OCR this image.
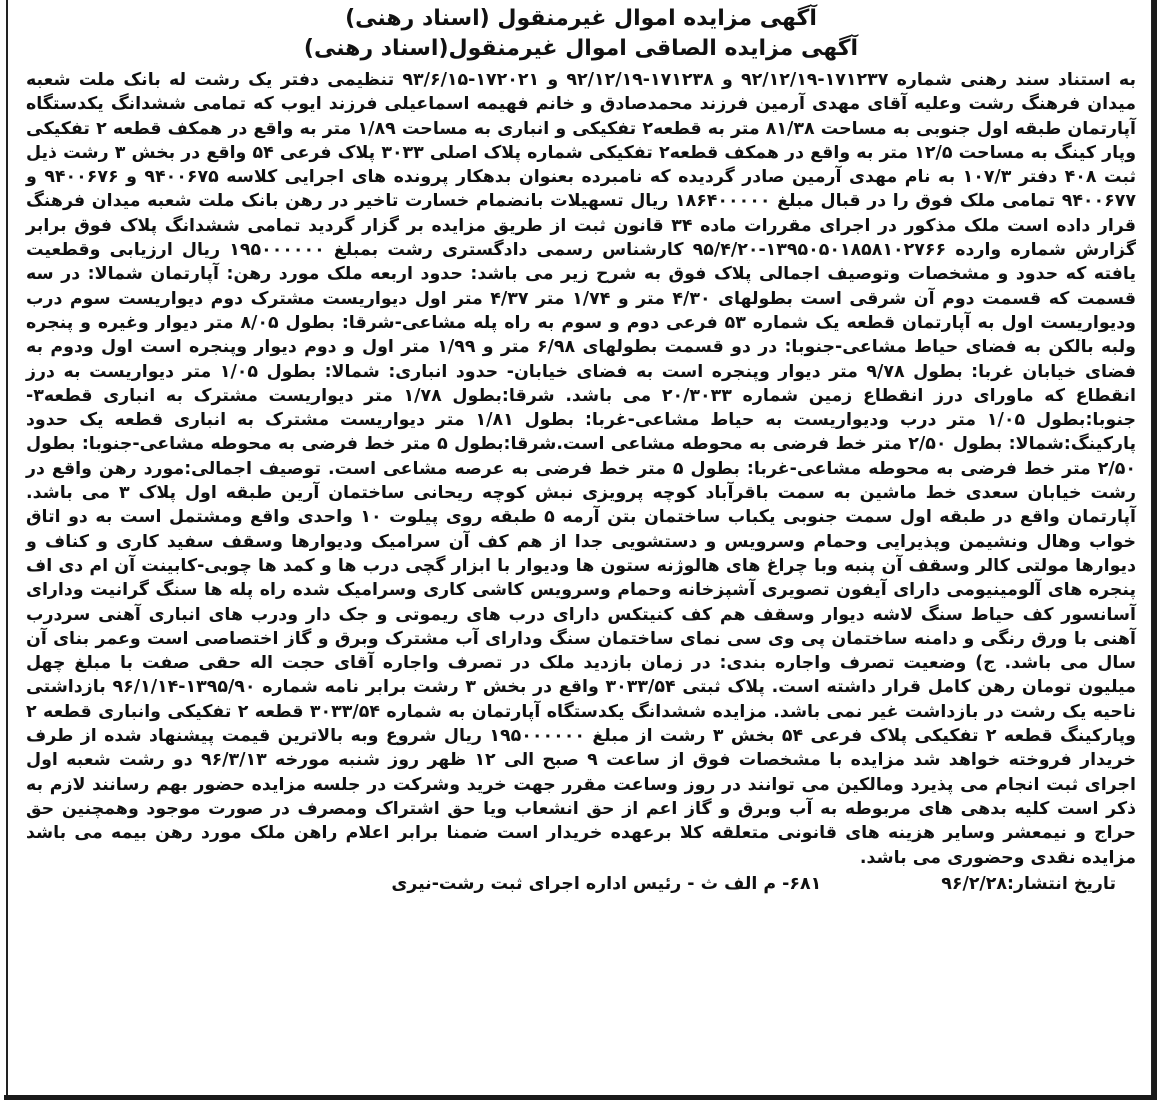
آگهی مزایده اموال غیرمنقول (اسناد رهنی)
آگهی مزایده الصاقی اموال غیرمنقول(اسناد رهنی)

به استناد سند رهنی شماره ۱۷۱۲۳۷-۹۲/۱۲/۱۹ و ۱۷۱۲۳۸-۹۲/۱۲/۱۹ و ۱۷۲۰۲۱-۹۳/۶/۱۵ تنظیمی دفتر یک رشت له بانک ملت شعبه میدان فرهنگ رشت وعلیه آقای مهدی آرمین فرزند محمدصادق و خانم فهیمه اسماعیلی فرزند ایوب که تمامی ششدانگ یکدستگاه آپارتمان طبقه اول جنوبی به مساحت ۸۱/۳۸ متر به قطعه۲ تفکیکی و انباری به مساحت ۱/۸۹ متر به واقع در همکف قطعه ۲ تفکیکی وپار کینگ به مساحت ۱۲/۵ متر به واقع در همکف قطعه۲ تفکیکی شماره پلاک اصلی ۳۰۳۳ پلاک فرعی ۵۴ واقع در بخش ۳ رشت ذیل ثبت ۴۰۸ دفتر ۱۰۷/۳ به نام مهدی آرمین صادر گردیده که نامبرده بعنوان بدهکار پرونده های اجرایی کلاسه ۹۴۰۰۶۷۵ و ۹۴۰۰۶۷۶ و ۹۴۰۰۶۷۷ تمامی ملک فوق را در قبال مبلغ ۱۸۶۴۰۰۰۰۰ ریال تسهیلات بانضمام خسارت تاخیر در رهن بانک ملت شعبه میدان فرهنگ قرار داده است ملک مذکور در اجرای مقررات ماده ۳۴ قانون ثبت از طریق مزایده بر گزار گردید تمامی ششدانگ پلاک فوق برابر گزارش شماره وارده ۱۳۹۵۰۵۰۱۸۵۸۱۰۲۷۶۶-۹۵/۴/۲۰ کارشناس رسمی دادگستری رشت بمبلغ ۱۹۵۰۰۰۰۰۰ ریال ارزیابی وقطعیت یافته که حدود و مشخصات وتوصیف اجمالی پلاک فوق به شرح زیر می باشد: حدود اربعه ملک مورد رهن: آپارتمان شمالا: در سه قسمت که قسمت دوم آن شرقی است بطولهای ۴/۳۰ متر و ۱/۷۴ متر ۴/۳۷ متر اول دیواریست مشترک دوم دیواریست سوم درب ودیواریست اول به آپارتمان قطعه یک شماره ۵۳ فرعی دوم و سوم به راه پله مشاعی-شرقا: بطول ۸/۰۵ متر دیوار وغیره و پنجره ولبه بالکن به فضای حیاط مشاعی-جنوبا: در دو قسمت بطولهای ۶/۹۸ متر و ۱/۹۹ متر اول و دوم دیوار وپنجره است اول ودوم به فضای خیابان غربا: بطول ۹/۷۸ متر دیوار وپنجره است به فضای خیابان- حدود انباری: شمالا: بطول ۱/۰۵ متر دیواریست به درز انقطاع که ماورای درز انقطاع زمین شماره ۲۰/۳۰۳۳ می باشد. شرقا:بطول ۱/۷۸ متر دیواریست مشترک به انباری قطعه۳-جنوبا:بطول ۱/۰۵ متر درب ودیواریست به حیاط مشاعی-غربا: بطول ۱/۸۱ متر دیواریست مشترک به انباری قطعه یک حدود پارکینگ:شمالا: بطول ۲/۵۰ متر خط فرضی به محوطه مشاعی است.شرقا:بطول ۵ متر خط فرضی به محوطه مشاعی-جنوبا: بطول ۲/۵۰ متر خط فرضی به محوطه مشاعی-غربا: بطول ۵ متر خط فرضی به عرصه مشاعی است. توصیف اجمالی:مورد رهن واقع در رشت خیابان سعدی خط ماشین به سمت باقرآباد کوچه پرویزی نبش کوچه ریحانی ساختمان آرین طبقه اول پلاک ۳ می باشد. آپارتمان واقع در طبقه اول سمت جنوبی یکباب ساختمان بتن آرمه ۵ طبقه روی پیلوت ۱۰ واحدی واقع ومشتمل است به دو اتاق خواب وهال ونشیمن وپذیرایی وحمام وسرویس و دستشویی جدا از هم کف آن سرامیک ودیوارها وسقف سفید کاری و کناف و دیوارها مولتی کالر وسقف آن پنبه وبا چراغ های هالوژنه ستون ها ودیوار با ابزار گچی درب ها و کمد ها چوبی-کابینت آن ام دی اف پنجره های آلومینیومی دارای آیفون تصویری آشپزخانه وحمام وسرویس کاشی کاری وسرامیک شده راه پله ها سنگ گرانیت ودارای آسانسور کف حیاط سنگ لاشه دیوار وسقف هم کف کنیتکس دارای درب های ریموتی و جک دار ودرب های انباری آهنی سردرب آهنی با ورق رنگی و دامنه ساختمان پی وی سی نمای ساختمان سنگ ودارای آب مشترک وبرق و گاز اختصاصی است وعمر بنای آن سال می باشد. ج) وضعیت تصرف واجاره بندی: در زمان بازدید ملک در تصرف واجاره آقای حجت اله حقی صفت با مبلغ چهل میلیون تومان رهن کامل قرار داشته است. پلاک ثبتی ۳۰۳۳/۵۴ واقع در بخش ۳ رشت برابر نامه شماره ۱۳۹۵/۹۰-۹۶/۱/۱۴ بازداشتی ناحیه یک رشت در بازداشت غیر نمی باشد. مزایده ششدانگ یکدستگاه آپارتمان به شماره ۳۰۳۳/۵۴ قطعه ۲ تفکیکی وانباری قطعه ۲ وپارکینگ قطعه ۲ تفکیکی پلاک فرعی ۵۴ بخش ۳ رشت از مبلغ ۱۹۵۰۰۰۰۰۰ ریال شروع وبه بالاترین قیمت پیشنهاد شده از طرف خریدار فروخته خواهد شد مزایده با مشخصات فوق از ساعت ۹ صبح الی ۱۲ ظهر روز شنبه مورخه ۹۶/۳/۱۳ دو رشت شعبه اول اجرای ثبت انجام می پذیرد ومالکین می توانند در روز وساعت مقرر جهت خرید وشرکت در جلسه مزایده حضور بهم رسانند لازم به ذکر است کلیه بدهی های مربوطه به آب وبرق و گاز اعم از حق انشعاب ویا حق اشتراک ومصرف در صورت موجود وهمچنین حق حراج و نیمعشر وسایر هزینه های قانونی متعلقه کلا برعهده خریدار است ضمنا برابر اعلام راهن ملک مورد رهن بیمه می باشد مزایده نقدی وحضوری می باشد.

تاریخ انتشار:۹۶/۲/۲۸
۶۸۱- م الف ث - رئیس اداره اجرای ثبت رشت-نیری
